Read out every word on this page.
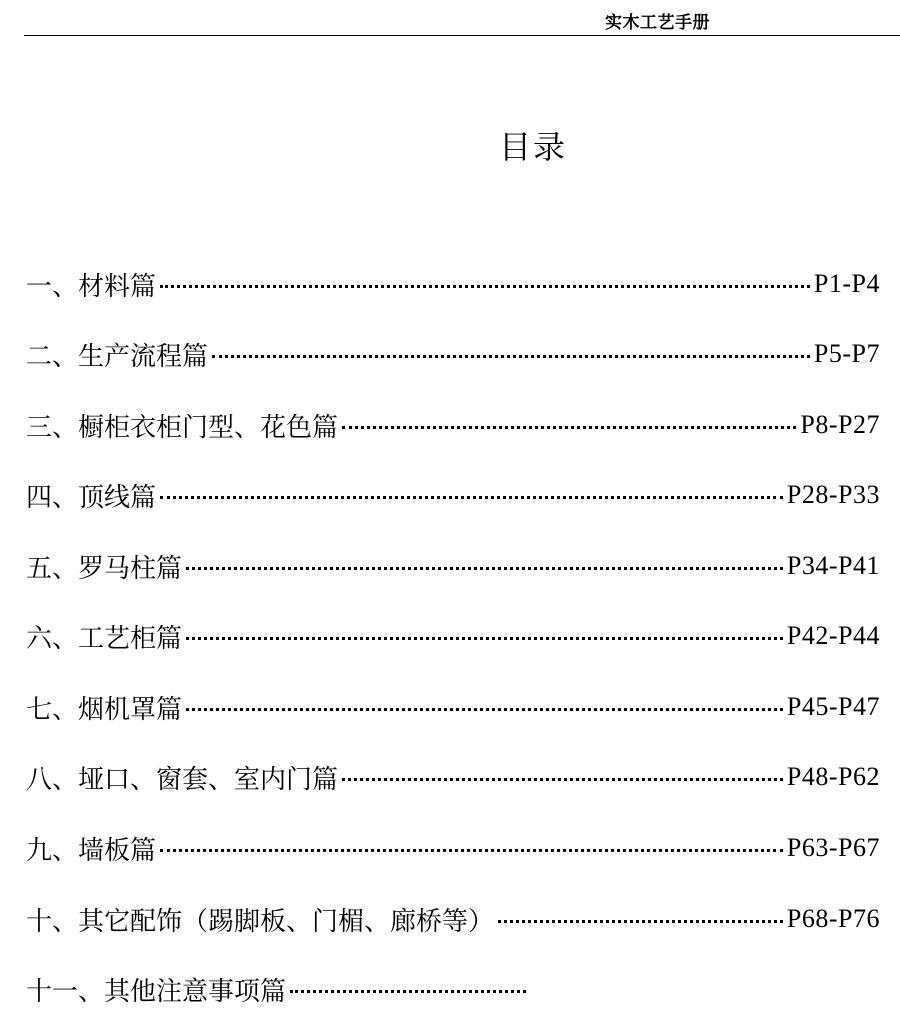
实木工艺手册
目录
一、材料篇	P1-P4
二、生产流程篇	P5-P7
三、橱柜衣柜门型、花色篇	P8-P27
四、顶线篇	P28-P33
五、罗马柱篇	P34-P41
六、工艺柜篇	P42-P44
七、烟机罩篇	P45-P47
八、垭口、窗套、室内门篇	P48-P62
九、墙板篇	P63-P67
十、其它配饰（踢脚板、门楣、廊桥等）	P68-P76
十一、其他注意事项篇
